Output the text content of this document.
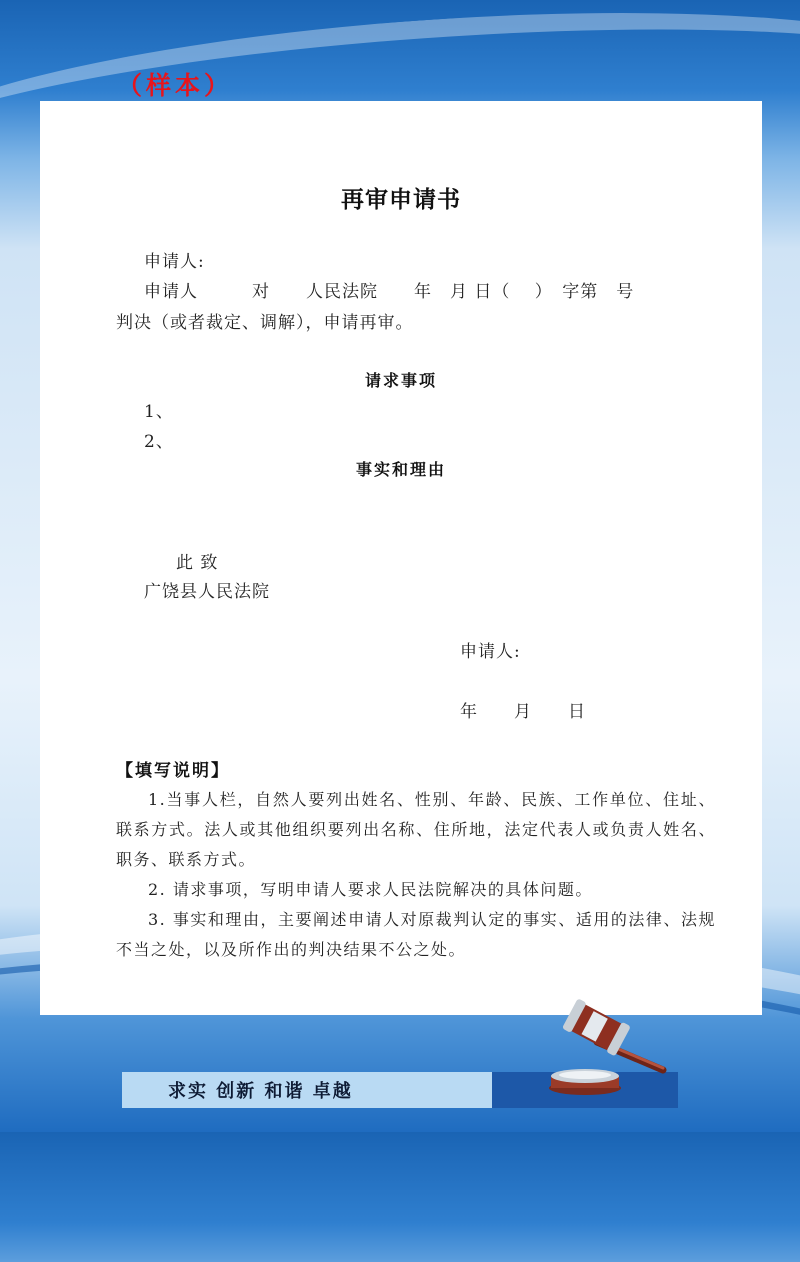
（样本）
再审申请书
申请人:
申请人　　　对　　人民法院　　年　月 日（　 ）　字第　号
判决（或者裁定、调解），申请再审。
请求事项
1、
2、
事实和理由
此 致
广饶县人民法院
申请人:
年　　月　　日
【填写说明】
1.当事人栏，自然人要列出姓名、性别、年龄、民族、工作单位、住址、联系方式。法人或其他组织要列出名称、住所地，法定代表人或负责人姓名、职务、联系方式。
2. 请求事项，写明申请人要求人民法院解决的具体问题。
3. 事实和理由，主要阐述申请人对原裁判认定的事实、适用的法律、法规不当之处，以及所作出的判决结果不公之处。
求实 创新 和谐 卓越
